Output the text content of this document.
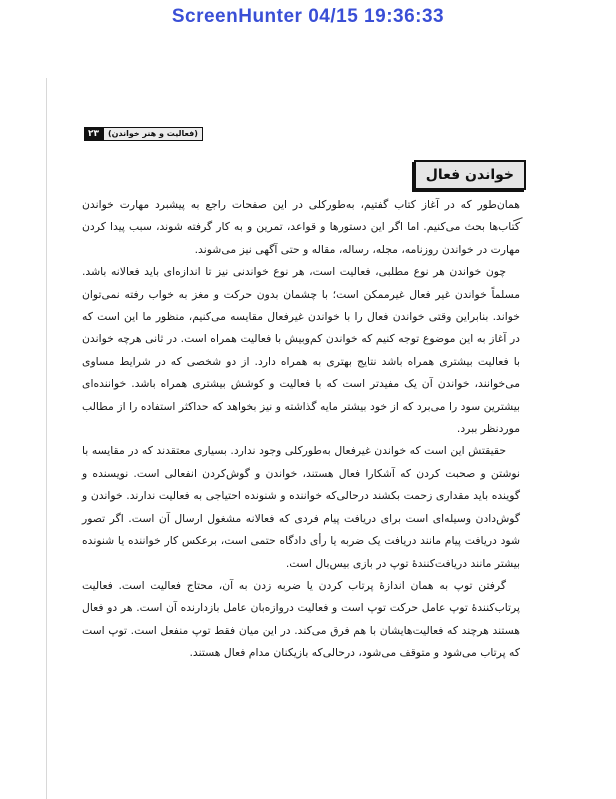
ScreenHunter 04/15 19:36:33
۲۳	(فعالیت و هنر خواندن)
خواندن فعال

همان‌طور که در آغاز کتاب گفتیم، به‌طورکلی در این صفحات راجع به پیشبرد مهارت خواندن کتاب‌ها بحث می‌کنیم. اما اگر این دستورها و قواعد، تمرین و به کار گرفته شوند، سبب پیدا کردن مهارت در خواندن روزنامه، مجله، رساله، مقاله و حتی آگهی نیز می‌شوند.

چون خواندن هر نوع مطلبی، فعالیت است، هر نوع خواندنی نیز تا اندازه‌ای باید فعالانه باشد. مسلماً خواندن غیر فعال غیرممکن است؛ با چشمان بدون حرکت و مغز به خواب رفته نمی‌توان خواند. بنابراین وقتی خواندن فعال را با خواندن غیرفعال مقایسه می‌کنیم، منظور ما این است که در آغاز به این موضوع توجه کنیم که خواندن کم‌وبیش با فعالیت همراه است. در ثانی هرچه خواندن با فعالیت بیشتری همراه باشد نتایج بهتری به همراه دارد. از دو شخصی که در شرایط مساوی می‌خوانند، خواندن آن یک مفیدتر است که با فعالیت و کوشش بیشتری همراه باشد. خواننده‌ای بیشترین سود را می‌برد که از خود بیشتر مایه گذاشته و نیز بخواهد که حداکثر استفاده را از مطالب موردنظر ببرد.

حقیقتش این است که خواندن غیرفعال به‌طورکلی وجود ندارد. بسیاری معتقدند که در مقایسه با نوشتن و صحبت کردن که آشکارا فعال هستند، خواندن و گوش‌کردن انفعالی است. نویسنده و گوینده باید مقداری زحمت بکشند درحالی‌که خواننده و شنونده احتیاجی به فعالیت ندارند. خواندن و گوش‌دادن وسیله‌ای است برای دریافت پیام فردی که فعالانه مشغول ارسال آن است. اگر تصور شود دریافت پیام مانند دریافت یک ضربه یا رأی دادگاه حتمی است، برعکس کار خواننده یا شنونده بیشتر مانند دریافت‌کنندهٔ توپ در بازی بیس‌بال است.

گرفتن توپ به همان اندازهٔ پرتاب کردن یا ضربه زدن به آن، محتاج فعالیت است. فعالیت پرتاب‌کنندهٔ توپ عامل حرکت توپ است و فعالیت دروازه‌بان عامل بازدارنده آن است. هر دو فعال هستند هرچند که فعالیت‌هایشان با هم فرق می‌کند. در این میان فقط توپ منفعل است. توپ است که پرتاب می‌شود و متوقف می‌شود، درحالی‌که بازیکنان مدام فعال هستند.
